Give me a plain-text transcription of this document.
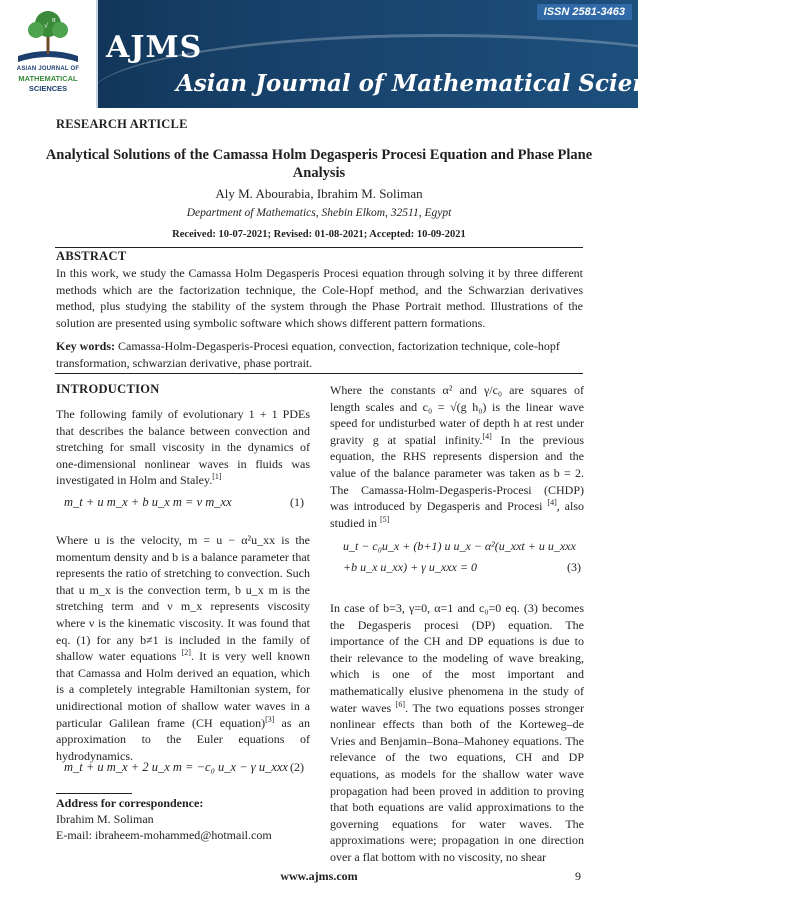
√
π
ASIAN JOURNAL OF
MATHEMATICAL
SCIENCES
ISSN 2581-3463
AJMS
Asian Journal of Mathematical Sciences
RESEARCH ARTICLE
Analytical Solutions of the Camassa Holm Degasperis Procesi Equation and Phase Plane Analysis
Aly M. Abourabia, Ibrahim M. Soliman
Department of Mathematics, Shebin Elkom, 32511, Egypt
Received: 10-07-2021; Revised: 01-08-2021; Accepted: 10-09-2021
ABSTRACT
In this work, we study the Camassa Holm Degasperis Procesi equation through solving it by three different methods which are the factorization technique, the Cole-Hopf method, and the Schwarzian derivatives method, plus studying the stability of the system through the Phase Portrait method. Illustrations of the solution are presented using symbolic software which shows different pattern formations.
Key words: Camassa-Holm-Degasperis-Procesi equation, convection, factorization technique, cole-hopf transformation, schwarzian derivative, phase portrait.
INTRODUCTION
The following family of evolutionary 1 + 1 PDEs that describes the balance between convection and stretching for small viscosity in the dynamics of one-dimensional nonlinear waves in fluids was investigated in Holm and Staley.[1]
m_t + u m_x + b u_x m = ν m_xx	(1)
Where u is the velocity, m = u − α²u_xx is the momentum density and b is a balance parameter that represents the ratio of stretching to convection. Such that u m_x is the convection term, b u_x m is the stretching term and ν m_x represents viscosity where ν is the kinematic viscosity. It was found that eq. (1) for any b≠1 is included in the family of shallow water equations [2]. It is very well known that Camassa and Holm derived an equation, which is a completely integrable Hamiltonian system, for unidirectional motion of shallow water waves in a particular Galilean frame (CH equation)[3] as an approximation to the Euler equations of hydrodynamics.
m_t + u m_x + 2 u_x m = −c₀ u_x − γ u_xxx (2)
Address for correspondence:
Ibrahim M. Soliman
E-mail: ibraheem-mohammed@hotmail.com
Where the constants α² and γ/c₀ are squares of length scales and c₀ = √(g h₀) is the linear wave speed for undisturbed water of depth h at rest under gravity g at spatial infinity.[4] In the previous equation, the RHS represents dispersion and the value of the balance parameter was taken as b = 2. The Camassa-Holm-Degasperis-Procesi (CHDP) was introduced by Degasperis and Procesi [4], also studied in [5]
u_t − c₀u_x + (b+1) u u_x − α²(u_xxt + u u_xxx
+b u_x u_xx) + γ u_xxx = 0	(3)
In case of b=3, γ=0, α=1 and c₀=0 eq. (3) becomes the Degasperis procesi (DP) equation. The importance of the CH and DP equations is due to their relevance to the modeling of wave breaking, which is one of the most important and mathematically elusive phenomena in the study of water waves [6]. The two equations posses stronger nonlinear effects than both of the Korteweg–de Vries and Benjamin–Bona–Mahoney equations. The relevance of the two equations, CH and DP equations, as models for the shallow water wave propagation had been proved in addition to proving that both equations are valid approximations to the governing equations for water waves. The approximations were; propagation in one direction over a flat bottom with no viscosity, no shear
www.ajms.com	9
